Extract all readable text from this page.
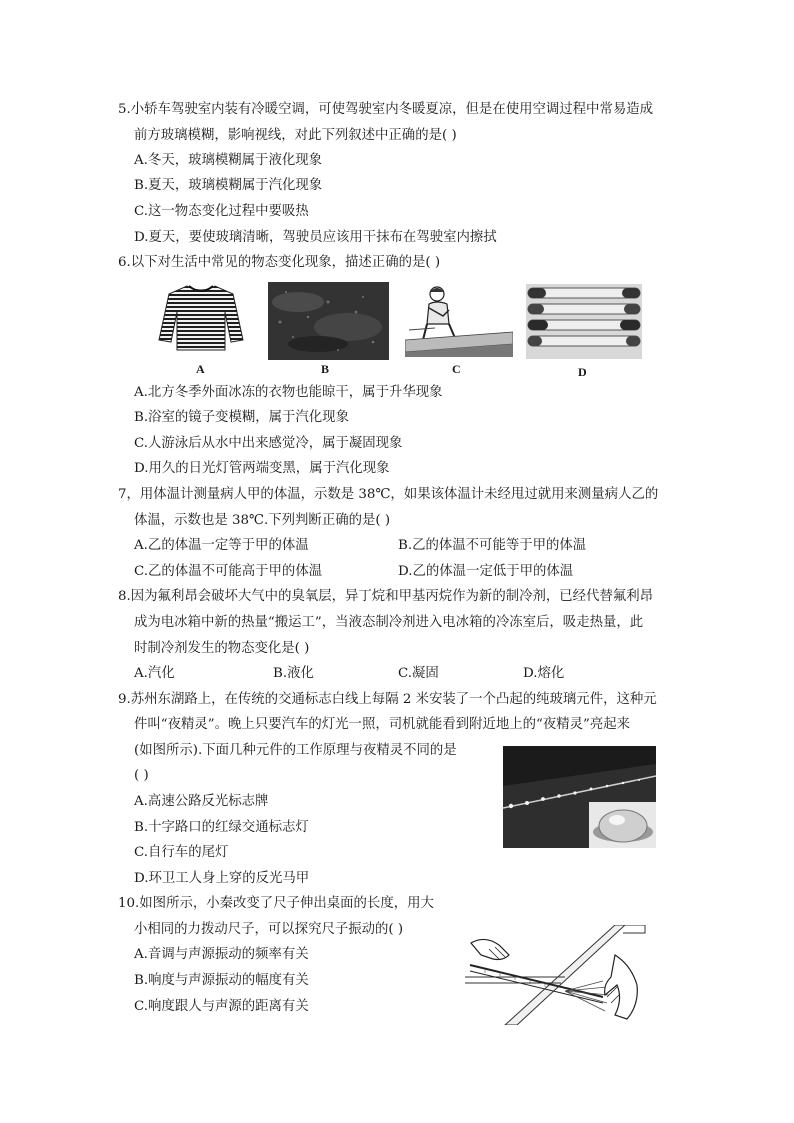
5.小轿车驾驶室内装有冷暖空调，可使驾驶室内冬暖夏凉，但是在使用空调过程中常易造成
前方玻璃模糊，影响视线，对此下列叙述中正确的是( )
A.冬天，玻璃模糊属于液化现象
B.夏天，玻璃模糊属于汽化现象
C.这一物态变化过程中要吸热
D.夏天，要使玻璃清晰，驾驶员应该用干抹布在驾驶室内擦拭
6.以下对生活中常见的物态变化现象，描述正确的是( )
A	B	C	D
A.北方冬季外面冰冻的衣物也能晾干，属于升华现象
B.浴室的镜子变模糊，属于汽化现象
C.人游泳后从水中出来感觉冷，属于凝固现象
D.用久的日光灯管两端变黑，属于汽化现象
7，用体温计测量病人甲的体温，示数是 38℃，如果该体温计未经甩过就用来测量病人乙的
体温，示数也是 38℃.下列判断正确的是( )
A.乙的体温一定等于甲的体温	B.乙的体温不可能等于甲的体温
C.乙的体温不可能高于甲的体温	D.乙的体温一定低于甲的体温
8.因为氟利昂会破坏大气中的臭氧层，异丁烷和甲基丙烷作为新的制冷剂，已经代替氟利昂
成为电冰箱中新的热量“搬运工”，当液态制冷剂进入电冰箱的冷冻室后，吸走热量，此
时制冷剂发生的物态变化是( )
A.汽化	B.液化	C.凝固	D.熔化
9.苏州东湖路上，在传统的交通标志白线上每隔 2 米安装了一个凸起的纯玻璃元件，这种元
件叫“夜精灵”。晚上只要汽车的灯光一照，司机就能看到附近地上的“夜精灵”亮起来
(如图所示).下面几种元件的工作原理与夜精灵不同的是
( )
A.高速公路反光标志牌
B.十字路口的红绿交通标志灯
C.自行车的尾灯
D.环卫工人身上穿的反光马甲
10.如图所示，小秦改变了尺子伸出桌面的长度，用大
小相同的力拨动尺子，可以探究尺子振动的( )
A.音调与声源振动的频率有关
B.响度与声源振动的幅度有关
C.响度跟人与声源的距离有关
